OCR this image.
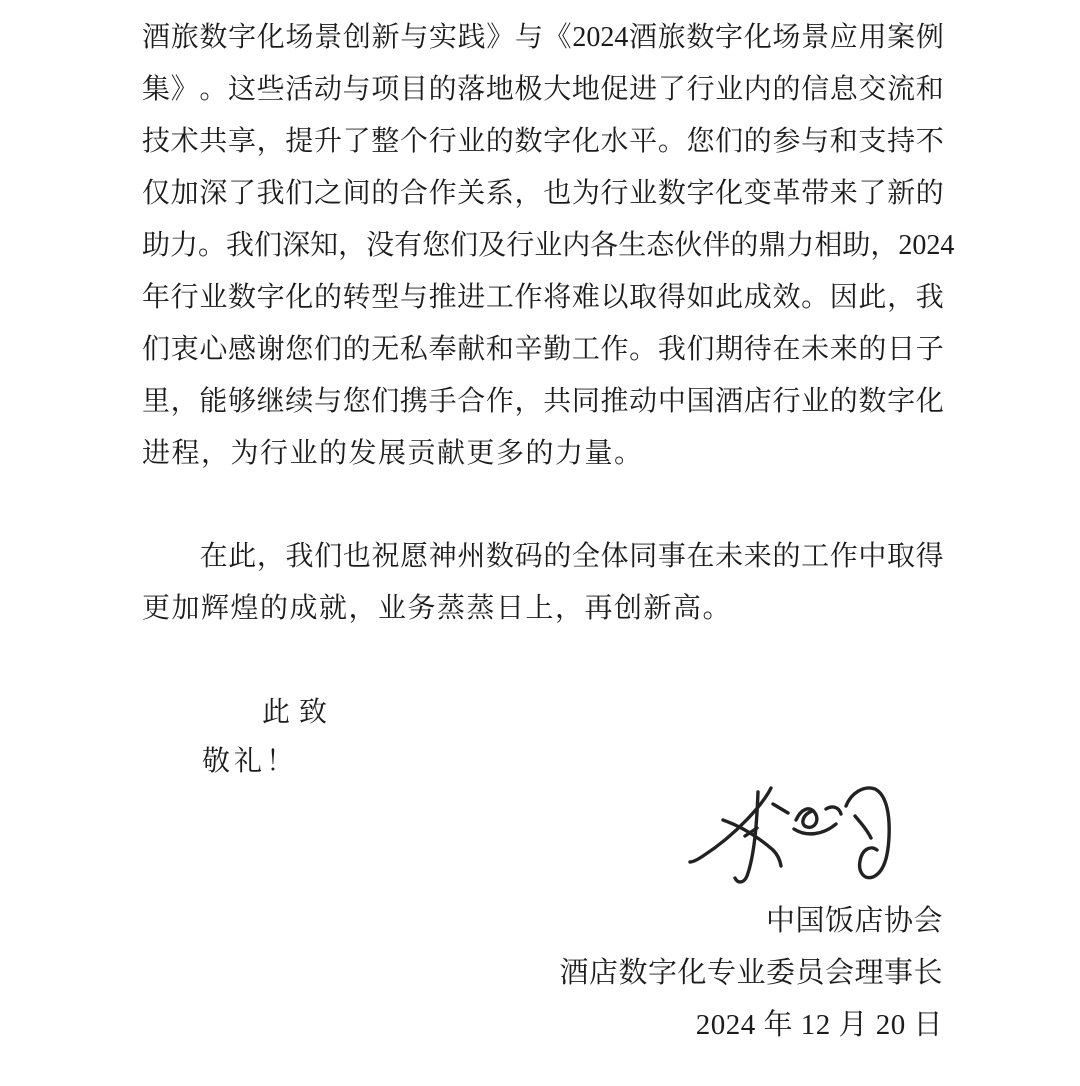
酒 旅 数 字 化 场 景 创 新 与 实 践 》 与 《 2024 酒 旅 数 字 化 场 景 应 用 案 例
集 》 。 这 些 活 动 与 项 目 的 落 地 极 大 地 促 进 了 行 业 内 的 信 息 交 流 和
技 术 共 享 ， 提 升 了 整 个 行 业 的 数 字 化 水 平 。 您 们 的 参 与 和 支 持 不
仅 加 深 了 我 们 之 间 的 合 作 关 系 ， 也 为 行 业 数 字 化 变 革 带 来 了 新 的
助 力 。 我 们 深 知 ， 没 有 您 们 及 行 业 内 各 生 态 伙 伴 的 鼎 力 相 助 ， 2024
年 行 业 数 字 化 的 转 型 与 推 进 工 作 将 难 以 取 得 如 此 成 效 。 因 此 ， 我
们 衷 心 感 谢 您 们 的 无 私 奉 献 和 辛 勤 工 作 。 我 们 期 待 在 未 来 的 日 子
里 ， 能 够 继 续 与 您 们 携 手 合 作 ， 共 同 推 动 中 国 酒 店 行 业 的 数 字 化
进程，为行业的发展贡献更多的力量。
在 此 ， 我 们 也 祝 愿 神 州 数 码 的 全 体 同 事 在 未 来 的 工 作 中 取 得
更加辉煌的成就，业务蒸蒸日上，再创新高。
此致
敬礼！
中国饭店协会
酒店数字化专业委员会理事长
2024 年 12 月 20 日
